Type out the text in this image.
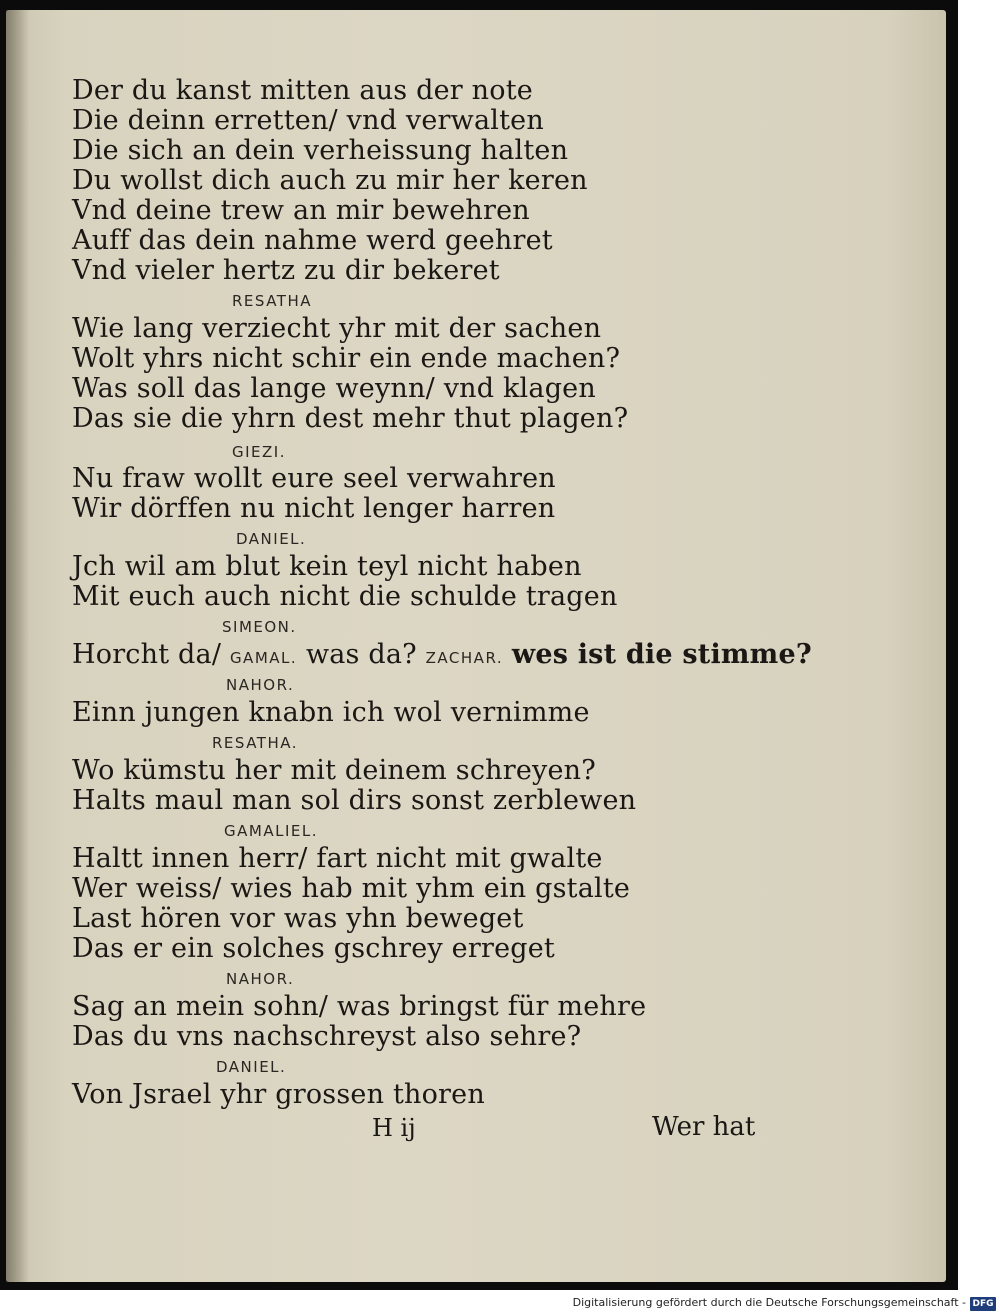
Der du kanst mitten aus der note
Die deinn erretten/ vnd verwalten
Die sich an dein verheissung halten
Du wollst dich auch zu mir her keren
Vnd deine trew an mir bewehren
Auff das dein nahme werd geehret
Vnd vieler hertz zu dir bekeret
RESATHA
Wie lang verziecht yhr mit der sachen
Wolt yhrs nicht schir ein ende machen?
Was soll das lange weynn/ vnd klagen
Das sie die yhrn dest mehr thut plagen?
GIEZI.
Nu fraw wollt eure seel verwahren
Wir dörffen nu nicht lenger harren
DANIEL.
Jch wil am blut kein teyl nicht haben
Mit euch auch nicht die schulde tragen
SIMEON.
Horcht da/ GAMAL. was da? ZACHAR. wes ist die stimme?
NAHOR.
Einn jungen knabn ich wol vernimme
RESATHA.
Wo kümstu her mit deinem schreyen?
Halts maul man sol dirs sonst zerblewen
GAMALIEL.
Haltt innen herr/ fart nicht mit gwalte
Wer weiss/ wies hab mit yhm ein gstalte
Last hören vor was yhn beweget
Das er ein solches gschrey erreget
NAHOR.
Sag an mein sohn/ was bringst für mehre
Das du vns nachschreyst also sehre?
DANIEL.
Von Jsrael yhr grossen thoren
H ij	Wer hat
Digitalisierung gefördert durch die Deutsche Forschungsgemeinschaft - DFG
